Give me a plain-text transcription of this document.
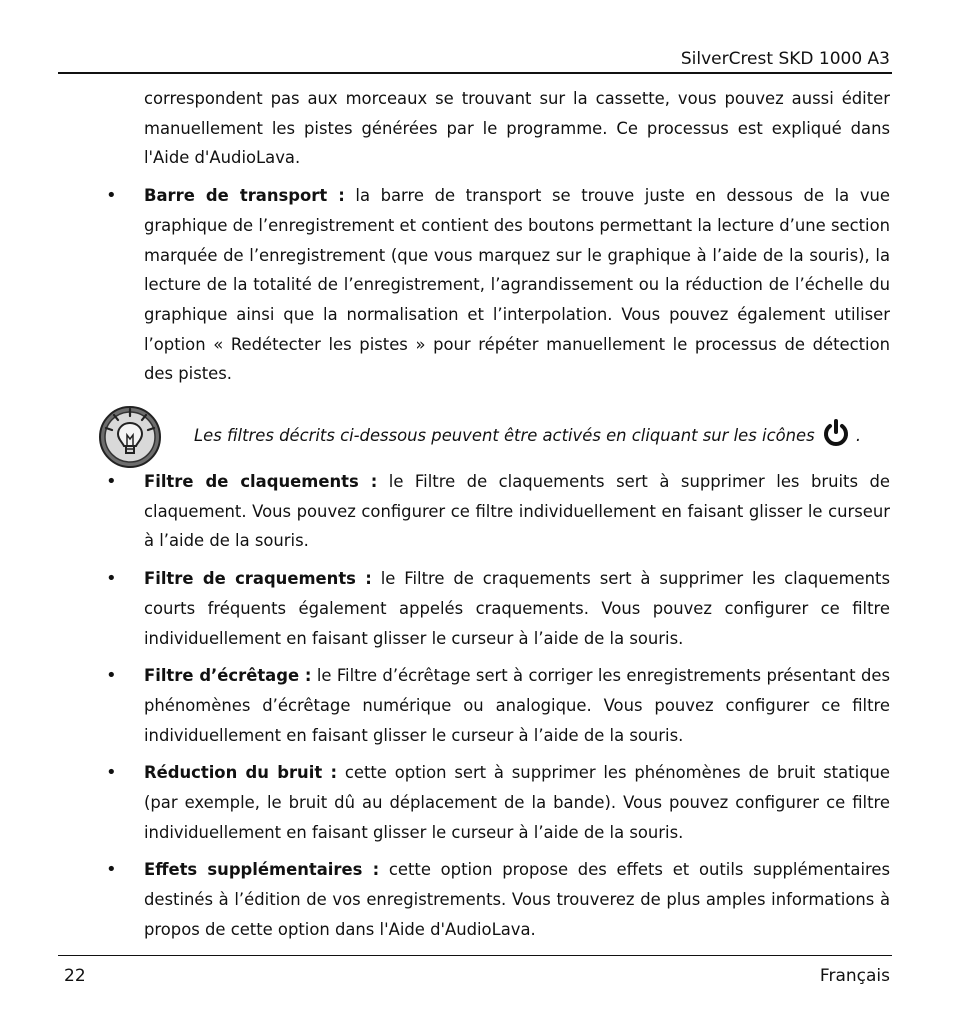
SilverCrest SKD 1000 A3

correspondent pas aux morceaux se trouvant sur la cassette, vous pouvez aussi éditer manuellement les pistes générées par le programme. Ce processus est expliqué dans l'Aide d'AudioLava.

• Barre de transport : la barre de transport se trouve juste en dessous de la vue graphique de l’enregistrement et contient des boutons permettant la lecture d’une section marquée de l’enregistrement (que vous marquez sur le graphique à l’aide de la souris), la lecture de la totalité de l’enregistrement, l’agrandissement ou la réduction de l’échelle du graphique ainsi que la normalisation et l’interpolation. Vous pouvez également utiliser l’option « Redétecter les pistes » pour répéter manuellement le processus de détection des pistes.
Les filtres décrits ci-dessous peuvent être activés en cliquant sur les icônes .
• Filtre de claquements : le Filtre de claquements sert à supprimer les bruits de claquement. Vous pouvez configurer ce filtre individuellement en faisant glisser le curseur à l’aide de la souris.
• Filtre de craquements : le Filtre de craquements sert à supprimer les claquements courts fréquents également appelés craquements. Vous pouvez configurer ce filtre individuellement en faisant glisser le curseur à l’aide de la souris.
• Filtre d’écrêtage : le Filtre d’écrêtage sert à corriger les enregistrements présentant des phénomènes d’écrêtage numérique ou analogique. Vous pouvez configurer ce filtre individuellement en faisant glisser le curseur à l’aide de la souris.
• Réduction du bruit : cette option sert à supprimer les phénomènes de bruit statique (par exemple, le bruit dû au déplacement de la bande). Vous pouvez configurer ce filtre individuellement en faisant glisser le curseur à l’aide de la souris.
• Effets supplémentaires : cette option propose des effets et outils supplémentaires destinés à l’édition de vos enregistrements. Vous trouverez de plus amples informations à propos de cette option dans l'Aide d'AudioLava.
22	Français
